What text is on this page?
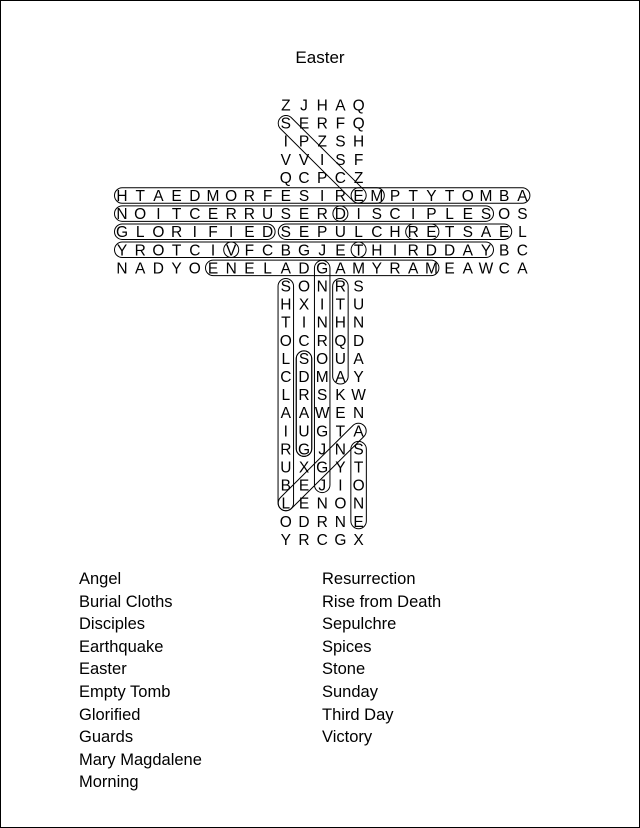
Easter
Z J H A Q
S E R F Q
I P Z S H
V V I S F
Q C P C Z
H T A E D M O R F E S I R E M P T Y T O M B A
N O I T C E R R U S E R D I S C I P L E S O S
G L O R I F I E D S E P U L C H R E T S A E L
Y R O T C I V F C B G J E T H I R D D A Y B C
N A D Y O E N E L A D G A M Y R A M E A W C A
S O N R S
H X I T U
T I N H N
O C R Q D
L S O U A
C D M A Y
L R S K W
A A W E N
I U G T A
R G J N S
U X G Y T
B E J I O
L E N O N
O D R N E
Y R C G X
Angel
Burial Cloths
Disciples
Earthquake
Easter
Empty Tomb
Glorified
Guards
Mary Magdalene
Morning
Resurrection
Rise from Death
Sepulchre
Spices
Stone
Sunday
Third Day
Victory
